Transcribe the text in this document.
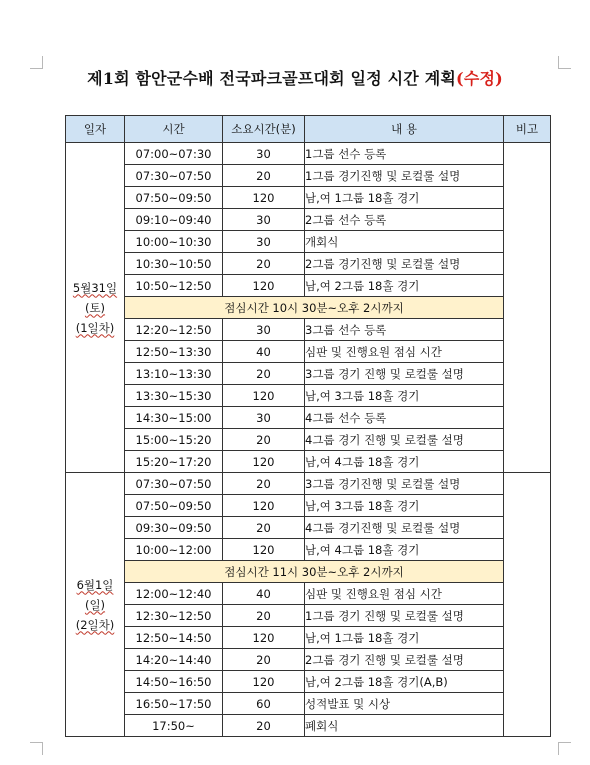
제1회 함안군수배 전국파크골프대회 일정 시간 계획(수정)
일자	시간	소요시간(분)	내 용	비고

5월31일
(토)
(1일차)	07:00~07:30	30	1그룹 선수 등록	
	07:30~07:50	20	1그룹 경기진행 및 로컬룰 설명	
	07:50~09:50	120	남,여 1그룹 18홀 경기	
	09:10~09:40	30	2그룹 선수 등록	
	10:00~10:30	30	개회식	
	10:30~10:50	20	2그룹 경기진행 및 로컬룰 설명	
	10:50~12:50	120	남,여 2그룹 18홀 경기	
	점심시간 10시 30분~오후 2시까지			
	12:20~12:50	30	3그룹 선수 등록	
	12:50~13:30	40	심판 및 진행요원 점심 시간	
	13:10~13:30	20	3그룹 경기 진행 및 로컬룰 설명	
	13:30~15:30	120	남,여 3그룹 18홀 경기	
	14:30~15:00	30	4그룹 선수 등록	
	15:00~15:20	20	4그룹 경기 진행 및 로컬룰 설명	
	15:20~17:20	120	남,여 4그룹 18홀 경기	

6월1일
(일)
(2일차)	07:30~07:50	20	3그룹 경기진행 및 로컬룰 설명	
	07:50~09:50	120	남,여 3그룹 18홀 경기	
	09:30~09:50	20	4그룹 경기진행 및 로컬룰 설명	
	10:00~12:00	120	남,여 4그룹 18홀 경기	
	점심시간 11시 30분~오후 2시까지			
	12:00~12:40	40	심판 및 진행요원 점심 시간	
	12:30~12:50	20	1그룹 경기 진행 및 로컬룰 설명	
	12:50~14:50	120	남,여 1그룹 18홀 경기	
	14:20~14:40	20	2그룹 경기 진행 및 로컬룰 설명	
	14:50~16:50	120	남,여 2그룹 18홀 경기(A,B)	
	16:50~17:50	60	성적발표 및 시상	
	17:50~	20	폐회식	
